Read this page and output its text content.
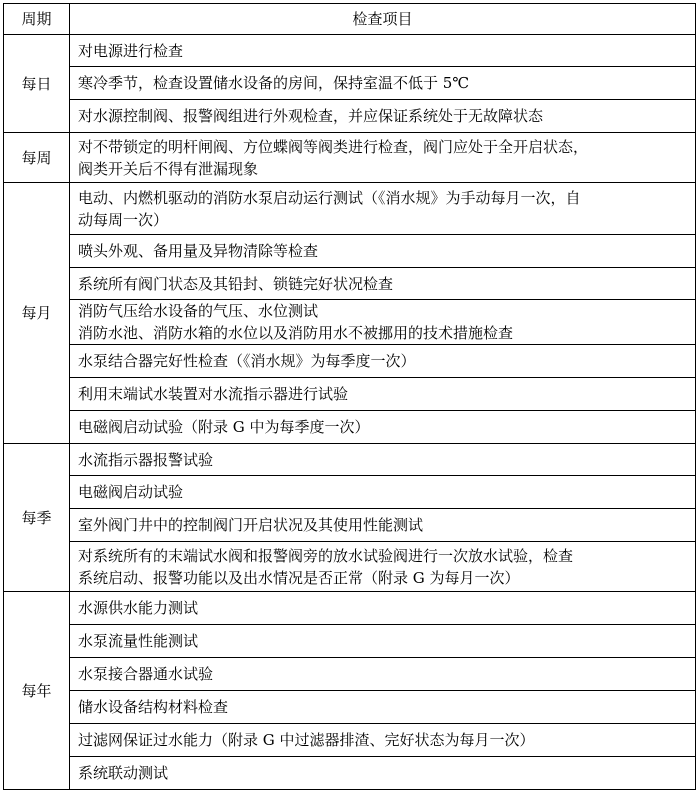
周期	检查项目
每日	对电源进行检查

	寒冷季节，检查设置储水设备的房间，保持室温不低于 5℃

	对水源控制阀、报警阀组进行外观检查，并应保证系统处于无故障状态

每周	对不带锁定的明杆闸阀、方位蝶阀等阀类进行检查，阀门应处于全开启状态，
阀类开关后不得有泄漏现象

每月	电动、内燃机驱动的消防水泵启动运行测试（《消水规》为手动每月一次，自
动每周一次）

	喷头外观、备用量及异物清除等检查

	系统所有阀门状态及其铅封、锁链完好状况检查

	消防气压给水设备的气压、水位测试
消防水池、消防水箱的水位以及消防用水不被挪用的技术措施检查

	水泵结合器完好性检查（《消水规》为每季度一次）

	利用末端试水装置对水流指示器进行试验

	电磁阀启动试验（附录 G 中为每季度一次）

每季	水流指示器报警试验

	电磁阀启动试验

	室外阀门井中的控制阀门开启状况及其使用性能测试

	对系统所有的末端试水阀和报警阀旁的放水试验阀进行一次放水试验，检查
系统启动、报警功能以及出水情况是否正常（附录 G 为每月一次）

每年	水源供水能力测试

	水泵流量性能测试

	水泵接合器通水试验

	储水设备结构材料检查

	过滤网保证过水能力（附录 G 中过滤器排渣、完好状态为每月一次）

	系统联动测试
